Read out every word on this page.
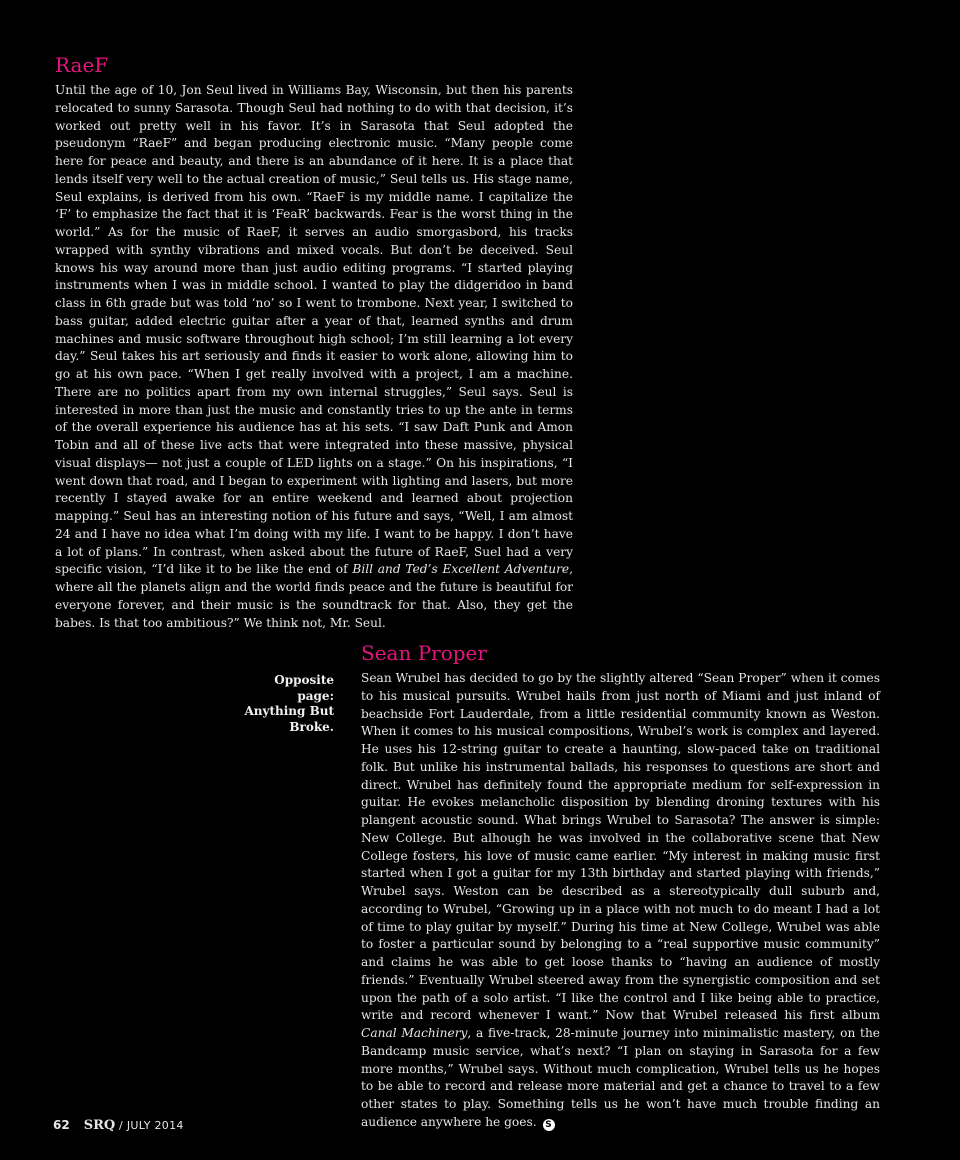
RaeF

Until the age of 10, Jon Seul lived in Williams Bay, Wisconsin, but then his parents relocated to sunny Sarasota. Though Seul had nothing to do with that decision, it’s worked out pretty well in his favor. It’s in Sarasota that Seul adopted the pseudonym “RaeF” and began producing electronic music. “Many people come here for peace and beauty, and there is an abundance of it here. It is a place that lends itself very well to the actual creation of music,” Seul tells us. His stage name, Seul explains, is derived from his own. “RaeF is my middle name. I capitalize the ‘F’ to emphasize the fact that it is ‘FeaR’ backwards. Fear is the worst thing in the world.” As for the music of RaeF, it serves an audio smorgasbord, his tracks wrapped with synthy vibrations and mixed vocals. But don’t be deceived. Seul knows his way around more than just audio editing programs. “I started playing instruments when I was in middle school. I wanted to play the didgeridoo in band class in 6th grade but was told ‘no’ so I went to trombone. Next year, I switched to bass guitar, added electric guitar after a year of that, learned synths and drum machines and music software throughout high school; I’m still learning a lot every day.” Seul takes his art seriously and finds it easier to work alone, allowing him to go at his own pace. “When I get really involved with a project, I am a machine. There are no politics apart from my own internal struggles,” Seul says. Seul is interested in more than just the music and constantly tries to up the ante in terms of the overall experience his audience has at his sets. “I saw Daft Punk and Amon Tobin and all of these live acts that were integrated into these massive, physical visual displays— not just a couple of LED lights on a stage.” On his inspirations, “I went down that road, and I began to experiment with lighting and lasers, but more recently I stayed awake for an entire weekend and learned about projection mapping.” Seul has an interesting notion of his future and says, “Well, I am almost 24 and I have no idea what I’m doing with my life. I want to be happy. I don’t have a lot of plans.” In contrast, when asked about the future of RaeF, Suel had a very specific vision, “I’d like it to be like the end of Bill and Ted’s Excellent Adventure, where all the planets align and the world finds peace and the future is beautiful for everyone forever, and their music is the soundtrack for that. Also, they get the babes. Is that too ambitious?” We think not, Mr. Seul.

Opposite page: Anything But Broke.
Sean Proper

Sean Wrubel has decided to go by the slightly altered “Sean Proper” when it comes to his musical pursuits. Wrubel hails from just north of Miami and just inland of beachside Fort Lauderdale, from a little residential community known as Weston. When it comes to his musical compositions, Wrubel’s work is complex and layered. He uses his 12-string guitar to create a haunting, slow-paced take on traditional folk. But unlike his instrumental ballads, his responses to questions are short and direct. Wrubel has definitely found the appropriate medium for self-expression in guitar. He evokes melancholic disposition by blending droning textures with his plangent acoustic sound. What brings Wrubel to Sarasota? The answer is simple: New College. But alhough he was involved in the collaborative scene that New College fosters, his love of music came earlier. “My interest in making music first started when I got a guitar for my 13th birthday and started playing with friends,” Wrubel says. Weston can be described as a stereotypically dull suburb and, according to Wrubel, “Growing up in a place with not much to do meant I had a lot of time to play guitar by myself.” During his time at New College, Wrubel was able to foster a particular sound by belonging to a “real supportive music community” and claims he was able to get loose thanks to “having an audience of mostly friends.” Eventually Wrubel steered away from the synergistic composition and set upon the path of a solo artist. “I like the control and I like being able to practice, write and record whenever I want.” Now that Wrubel released his first album Canal Machinery, a five-track, 28-minute journey into minimalistic mastery, on the Bandcamp music service, what’s next? “I plan on staying in Sarasota for a few more months,” Wrubel says. Without much complication, Wrubel tells us he hopes to be able to record and release more material and get a chance to travel to a few other states to play. Something tells us he won’t have much trouble finding an audience anywhere he goes. S

62 SRQ / JULY 2014
